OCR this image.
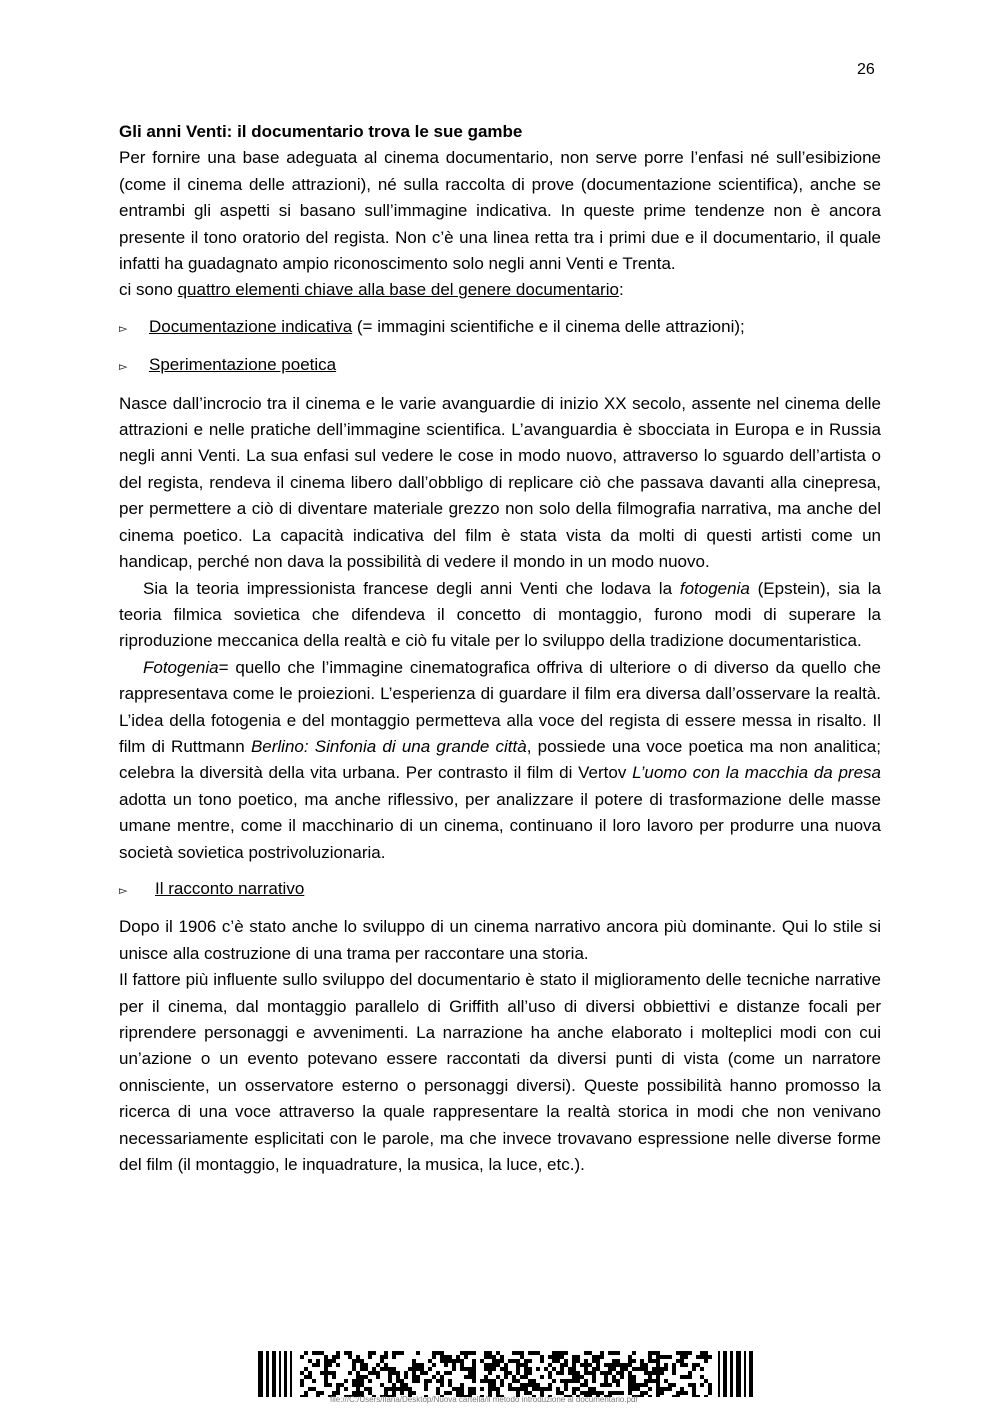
26

Gli anni Venti: il documentario trova le sue gambe

Per fornire una base adeguata al cinema documentario, non serve porre l’enfasi né sull’esibizione (come il cinema delle attrazioni), né sulla raccolta di prove (documentazione scientifica), anche se entrambi gli aspetti si basano sull’immagine indicativa. In queste prime tendenze non è ancora presente il tono oratorio del regista. Non c’è una linea retta tra i primi due e il documentario, il quale infatti ha guadagnato ampio riconoscimento solo negli anni Venti e Trenta.

ci sono quattro elementi chiave alla base del genere documentario:

▻	Documentazione indicativa (= immagini scientifiche e il cinema delle attrazioni);
▻	Sperimentazione poetica

Nasce dall’incrocio tra il cinema e le varie avanguardie di inizio XX secolo, assente nel cinema delle attrazioni e nelle pratiche dell’immagine scientifica. L’avanguardia è sbocciata in Europa e in Russia negli anni Venti. La sua enfasi sul vedere le cose in modo nuovo, attraverso lo sguardo dell’artista o del regista, rendeva il cinema libero dall’obbligo di replicare ciò che passava davanti alla cinepresa, per permettere a ciò di diventare materiale grezzo non solo della filmografia narrativa, ma anche del cinema poetico. La capacità indicativa del film è stata vista da molti di questi artisti come un handicap, perché non dava la possibilità di vedere il mondo in un modo nuovo.

Sia la teoria impressionista francese degli anni Venti che lodava la fotogenia (Epstein), sia la teoria filmica sovietica che difendeva il concetto di montaggio, furono modi di superare la riproduzione meccanica della realtà e ciò fu vitale per lo sviluppo della tradizione documentaristica.

Fotogenia= quello che l’immagine cinematografica offriva di ulteriore o di diverso da quello che rappresentava come le proiezioni. L’esperienza di guardare il film era diversa dall’osservare la realtà. L’idea della fotogenia e del montaggio permetteva alla voce del regista di essere messa in risalto. Il film di Ruttmann Berlino: Sinfonia di una grande città, possiede una voce poetica ma non analitica; celebra la diversità della vita urbana. Per contrasto il film di Vertov L’uomo con la macchia da presa adotta un tono poetico, ma anche riflessivo, per analizzare il potere di trasformazione delle masse umane mentre, come il macchinario di un cinema, continuano il loro lavoro per produrre una nuova società sovietica postrivoluzionaria.

▻	Il racconto narrativo

Dopo il 1906 c’è stato anche lo sviluppo di un cinema narrativo ancora più dominante. Qui lo stile si unisce alla costruzione di una trama per raccontare una storia.

Il fattore più influente sullo sviluppo del documentario è stato il miglioramento delle tecniche narrative per il cinema, dal montaggio parallelo di Griffith all’uso di diversi obbiettivi e distanze focali per riprendere personaggi e avvenimenti. La narrazione ha anche elaborato i molteplici modi con cui un’azione o un evento potevano essere raccontati da diversi punti di vista (come un narratore onnisciente, un osservatore esterno o personaggi diversi). Queste possibilità hanno promosso la ricerca di una voce attraverso la quale rappresentare la realtà storica in modi che non venivano necessariamente esplicitati con le parole, ma che invece trovavano espressione nelle diverse forme del film (il montaggio, le inquadrature, la musica, la luce, etc.).

file:///C:/Users/Ilaria/Desktop/Nuova cartella/il metodo introduzione al documentario.pdf
